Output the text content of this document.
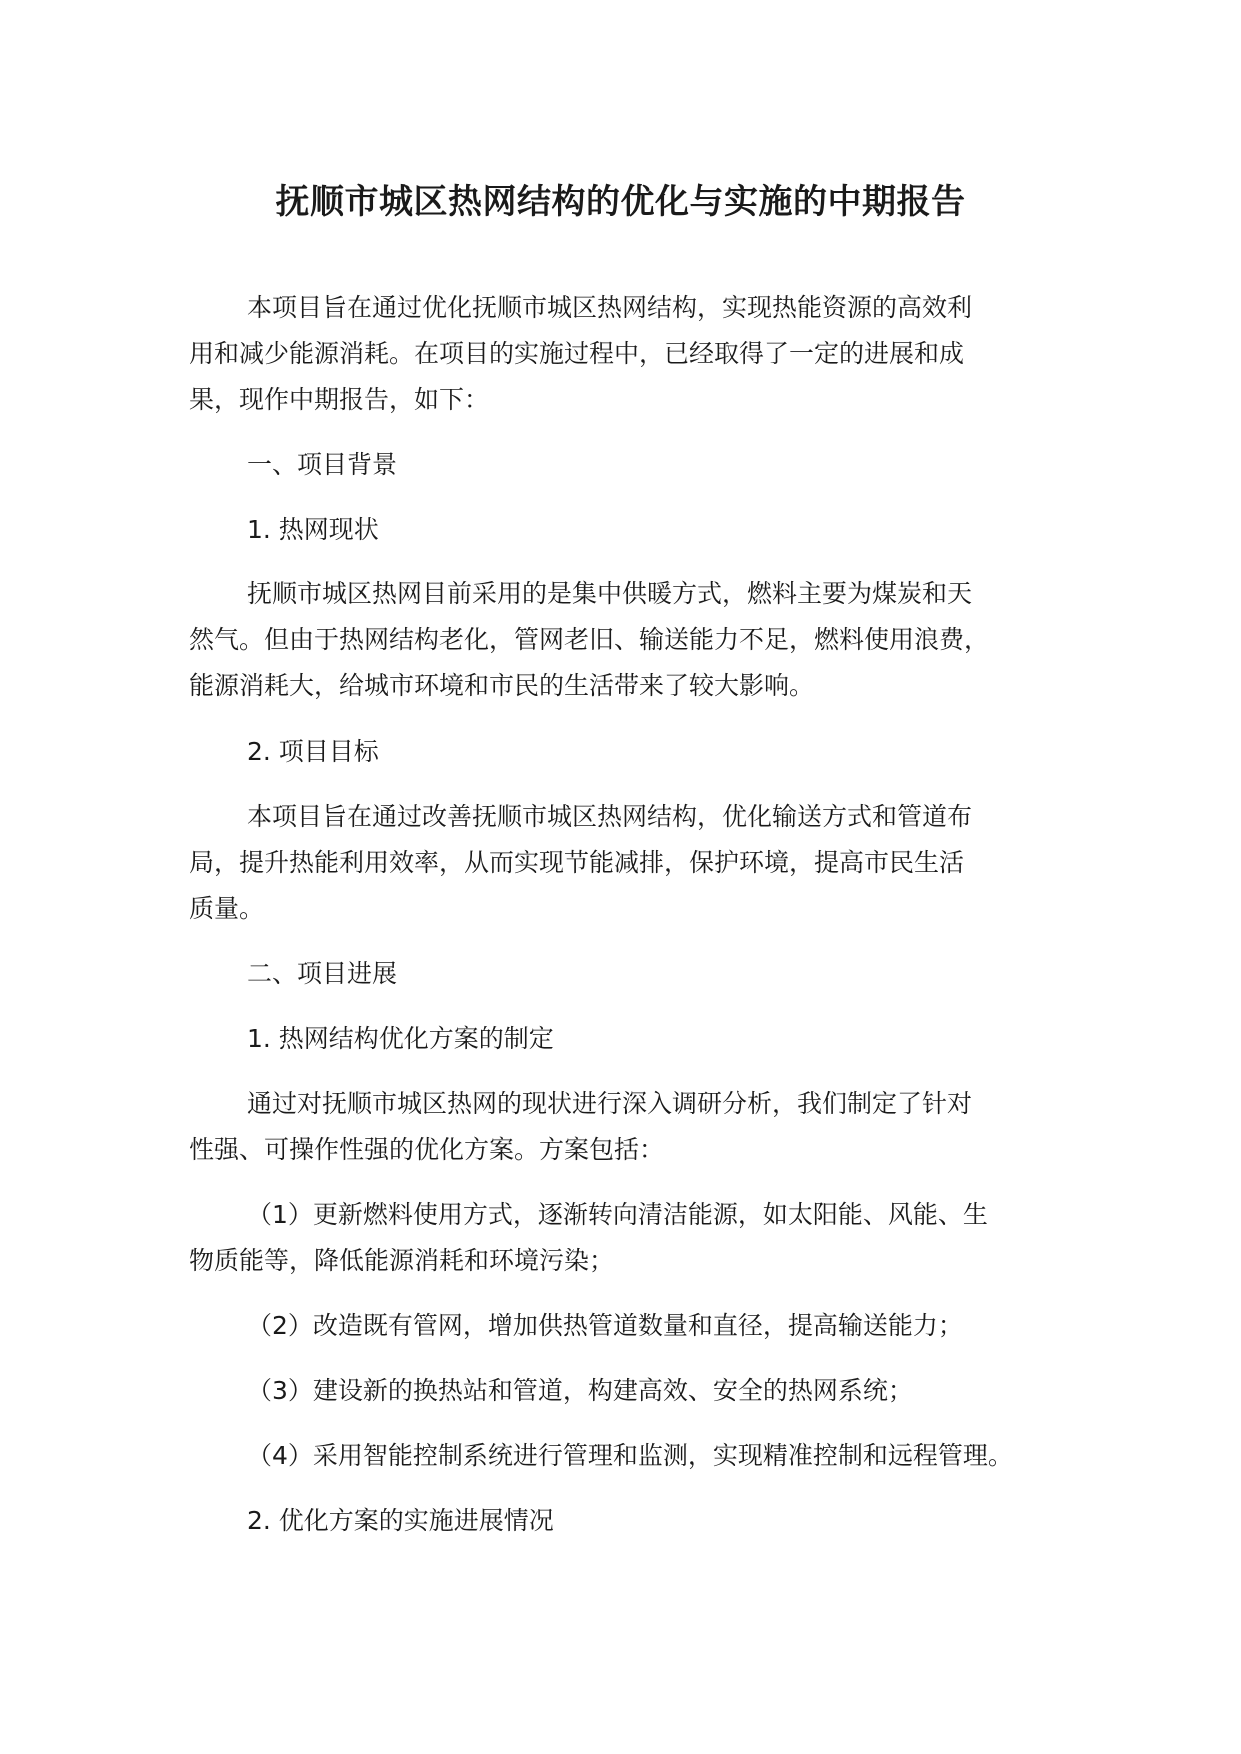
抚顺市城区热网结构的优化与实施的中期报告
本项目旨在通过优化抚顺市城区热网结构，实现热能资源的高效利
用和减少能源消耗。在项目的实施过程中，已经取得了一定的进展和成
果，现作中期报告，如下：
一、项目背景
1. 热网现状
抚顺市城区热网目前采用的是集中供暖方式，燃料主要为煤炭和天
然气。但由于热网结构老化，管网老旧、输送能力不足，燃料使用浪费，
能源消耗大，给城市环境和市民的生活带来了较大影响。
2. 项目目标
本项目旨在通过改善抚顺市城区热网结构，优化输送方式和管道布
局，提升热能利用效率，从而实现节能减排，保护环境，提高市民生活
质量。
二、项目进展
1. 热网结构优化方案的制定
通过对抚顺市城区热网的现状进行深入调研分析，我们制定了针对
性强、可操作性强的优化方案。方案包括：
（1）更新燃料使用方式，逐渐转向清洁能源，如太阳能、风能、生
物质能等，降低能源消耗和环境污染；
（2）改造既有管网，增加供热管道数量和直径，提高输送能力；
（3）建设新的换热站和管道，构建高效、安全的热网系统；
（4）采用智能控制系统进行管理和监测，实现精准控制和远程管理。
2. 优化方案的实施进展情况
